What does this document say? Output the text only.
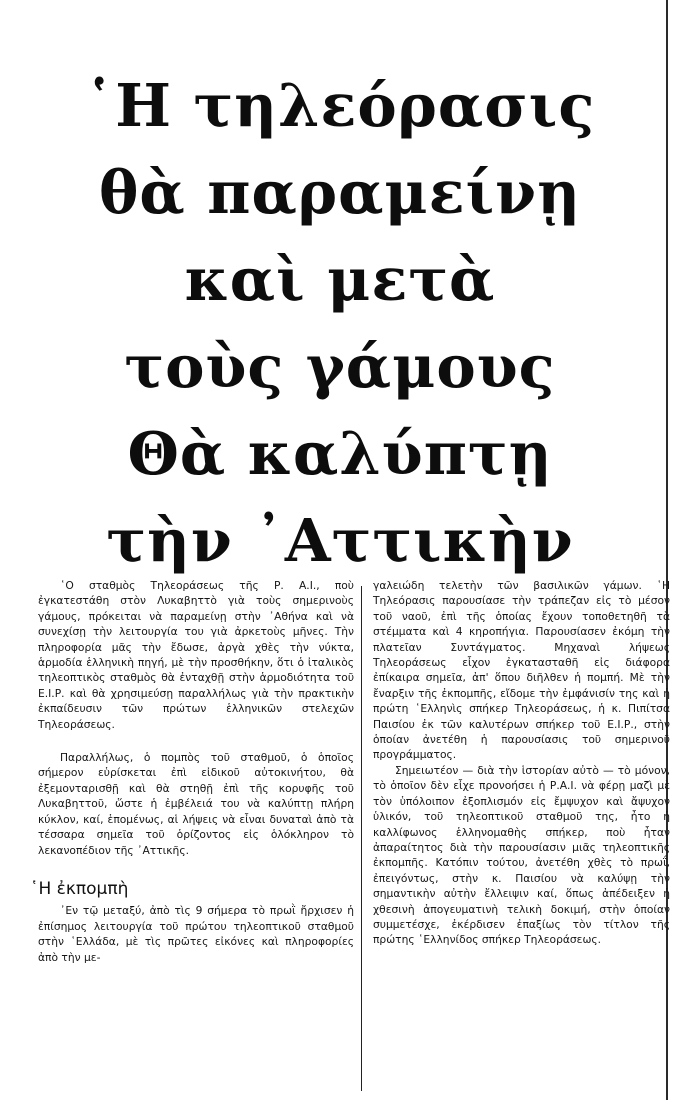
῾Η τηλεόρασις
θὰ παραμείνῃ
καὶ μετὰ
τοὺς γάμους
Θὰ καλύπτῃ
τὴν ᾿Αττικὴν

῾Ο σταθμὸς Τηλεοράσεως τῆς Ρ. Α.Ι., ποὺ ἐγκατεστάθη στὸν Λυκαβηττὸ γιὰ τοὺς σημερινοὺς γάμους, πρόκειται νὰ παραμείνῃ στὴν ᾿Αθήνα καὶ νὰ συνεχίσῃ τὴν λειτουργία του γιὰ ἀρκετοὺς μῆνες. Τὴν πληροφορία μᾶς τὴν ἔδωσε, ἀργὰ χθὲς τὴν νύκτα, ἁρμοδία ἑλληνικὴ πηγή, μὲ τὴν προσθήκην, ὅτι ὁ ἰταλικὸς τηλεοπτικὸς σταθμὸς θὰ ἐνταχθῇ στὴν ἁρμοδιότητα τοῦ Ε.Ι.Ρ. καὶ θὰ χρησιμεύσῃ παραλλήλως γιὰ τὴν πρακτικὴν ἐκπαίδευσιν τῶν πρώτων ἑλληνικῶν στελεχῶν Τηλεοράσεως.

Παραλλήλως, ὁ πομπὸς τοῦ σταθμοῦ, ὁ ὁποῖος σήμερον εὑρίσκεται ἐπὶ εἰδικοῦ αὐτοκινήτου, θὰ ἐξεμονταρισθῇ καὶ θὰ στηθῇ ἐπὶ τῆς κορυφῆς τοῦ Λυκαβηττοῦ, ὥστε ἡ ἐμβέλειά του νὰ καλύπτῃ πλήρη κύκλον, καί, ἑπομένως, αἱ λήψεις νὰ εἶναι δυναταὶ ἀπὸ τὰ τέσσαρα σημεῖα τοῦ ὁρίζοντος εἰς ὁλόκληρον τὸ λεκανοπέδιον τῆς ᾿Αττικῆς.

῾Η ἐκπομπὴ

᾿Εν τῷ μεταξύ, ἀπὸ τὶς 9 σήμερα τὸ πρωῒ ἤρχισεν ἡ ἐπίσημος λειτουργία τοῦ πρώτου τηλεοπτικοῦ σταθμοῦ στὴν ῾Ελλάδα, μὲ τὶς πρῶτες εἰκόνες καὶ πληροφορίες ἀπὸ τὴν με-

γαλειώδη τελετὴν τῶν βασιλικῶν γάμων. ῾Η Τηλεόρασις παρουσίασε τὴν τράπεζαν εἰς τὸ μέσον τοῦ ναοῦ, ἐπὶ τῆς ὁποίας ἔχουν τοποθετηθῆ τὰ στέμματα καὶ 4 κηροπήγια. Παρουσίασεν ἐκόμη τὴν πλατεῖαν Συντάγματος. Μηχαναὶ λήψεως Τηλεοράσεως εἶχον ἐγκατασταθῆ εἰς διάφορα ἐπίκαιρα σημεῖα, ἀπ' ὅπου διῆλθεν ἡ πομπή. Μὲ τὴν ἔναρξιν τῆς ἐκπομπῆς, εἴδομε τὴν ἐμφάνισίν της καὶ ἡ πρώτη ῾Ελληνὶς σπήκερ Τηλεοράσεως, ἡ κ. Πιπίτσα Παισίου ἐκ τῶν καλυτέρων σπήκερ τοῦ Ε.Ι.Ρ., στὴν ὁποίαν ἀνετέθη ἡ παρουσίασις τοῦ σημερινοῦ προγράμματος.

Σημειωτέον — διὰ τὴν ἱστορίαν αὐτὸ — τὸ μόνον, τὸ ὁποῖον δὲν εἶχε προνοήσει ἡ Ρ.Α.Ι. νὰ φέρῃ μαζὶ μὲ τὸν ὑπόλοιπον ἐξοπλισμόν εἰς ἔμψυχον καὶ ἄψυχον ὑλικόν, τοῦ τηλεοπτικοῦ σταθμοῦ της, ἦτο ἡ καλλίφωνος ἑλληνομαθὴς σπήκερ, ποὺ ἦταν ἀπαραίτητος διὰ τὴν παρουσίασιν μιᾶς τηλεοπτικῆς ἐκπομπῆς. Κατόπιν τούτου, ἀνετέθη χθὲς τὸ πρωΐ, ἐπειγόντως, στὴν κ. Παισίου νὰ καλύψῃ τὴν σημαντικὴν αὐτὴν ἔλλειψιν καί, ὅπως ἀπέδειξεν ἡ χθεσινὴ ἀπογευματινὴ τελικὴ δοκιμή, στὴν ὁποίαν συμμετέσχε, ἐκέρδισεν ἐπαξίως τὸν τίτλον τῆς πρώτης ῾Ελληνίδος σπήκερ Τηλεοράσεως.
